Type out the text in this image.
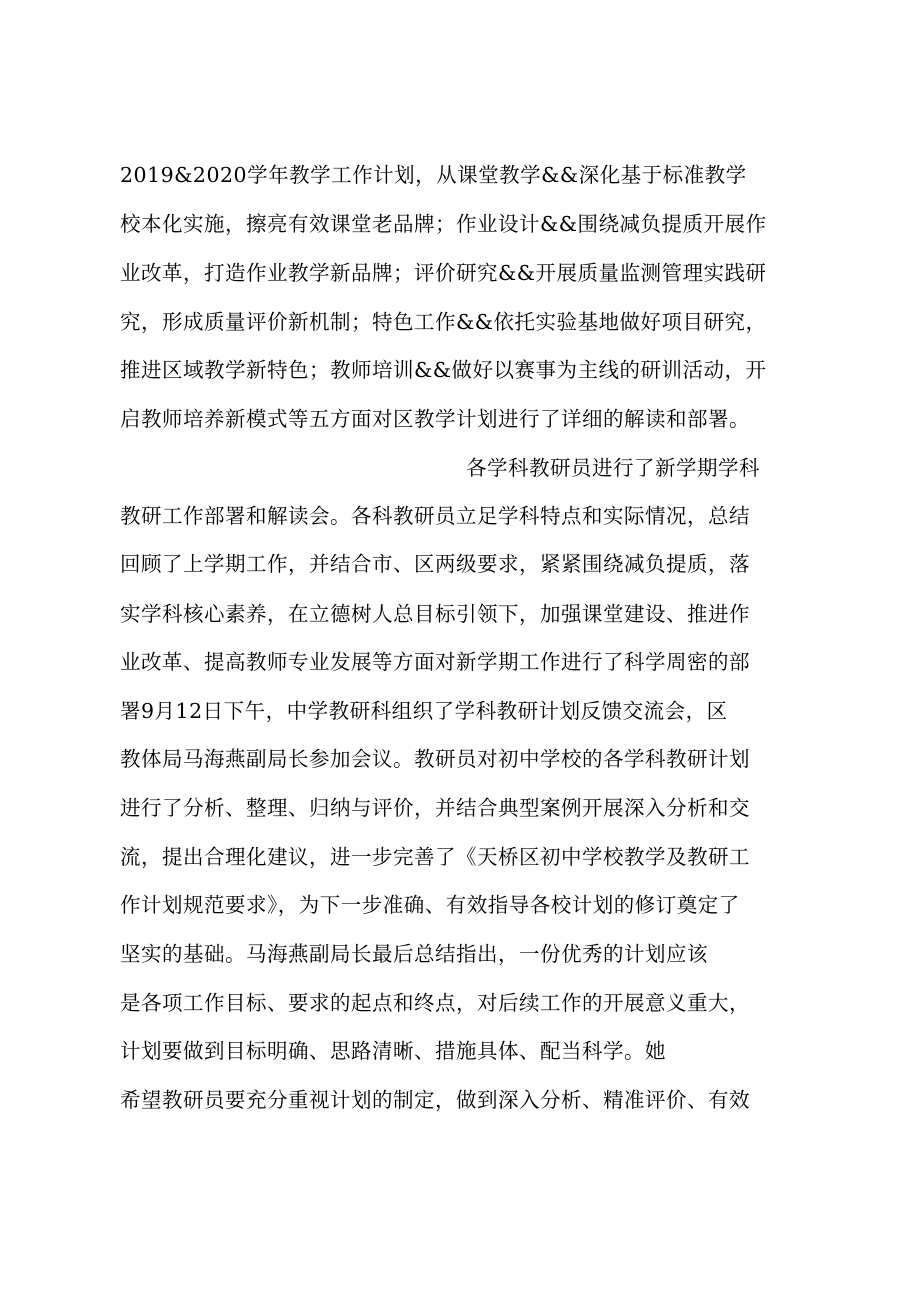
2019&2020学年教学工作计划，从课堂教学&&深化基于标准教学
校本化实施，擦亮有效课堂老品牌；作业设计&&围绕减负提质开展作
业改革，打造作业教学新品牌；评价研究&&开展质量监测管理实践研
究，形成质量评价新机制；特色工作&&依托实验基地做好项目研究，
推进区域教学新特色；教师培训&&做好以赛事为主线的研训活动，开
启教师培养新模式等五方面对区教学计划进行了详细的解读和部署。
各学科教研员进行了新学期学科
教研工作部署和解读会。各科教研员立足学科特点和实际情况，总结
回顾了上学期工作，并结合市、区两级要求，紧紧围绕减负提质，落
实学科核心素养，在立德树人总目标引领下，加强课堂建设、推进作
业改革、提高教师专业发展等方面对新学期工作进行了科学周密的部
署9月12日下午，中学教研科组织了学科教研计划反馈交流会，区
教体局马海燕副局长参加会议。教研员对初中学校的各学科教研计划
进行了分析、整理、归纳与评价，并结合典型案例开展深入分析和交
流，提出合理化建议，进一步完善了《天桥区初中学校教学及教研工
作计划规范要求》，为下一步准确、有效指导各校计划的修订奠定了
坚实的基础。马海燕副局长最后总结指出，一份优秀的计划应该
是各项工作目标、要求的起点和终点，对后续工作的开展意义重大，
计划要做到目标明确、思路清晰、措施具体、配当科学。她
希望教研员要充分重视计划的制定，做到深入分析、精准评价、有效
